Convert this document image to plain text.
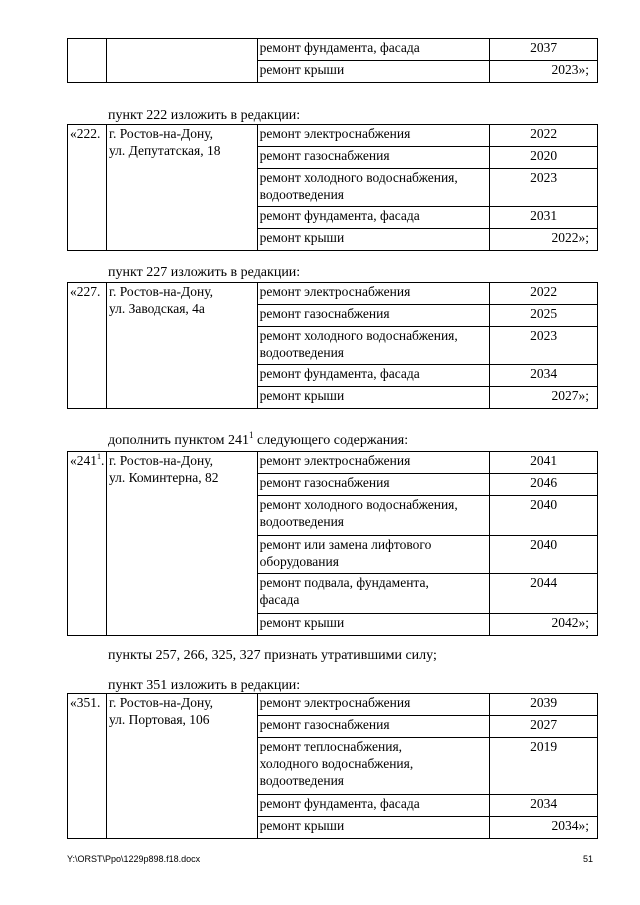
		ремонт фундамента, фасада	2037
		ремонт крыши	2023»;
пункт 222 изложить в редакции:
«222.	г. Ростов-на-Дону,
ул. Депутатская, 18	ремонт электроснабжения	2022
		ремонт газоснабжения	2020

		ремонт холодного водоснабжения,
водоотведения	2023
		ремонт фундамента, фасада	2031
		ремонт крыши	2022»;
пункт 227 изложить в редакции:
«227.	г. Ростов-на-Дону,
ул. Заводская, 4а	ремонт электроснабжения	2022
		ремонт газоснабжения	2025

		ремонт холодного водоснабжения,
водоотведения	2023
		ремонт фундамента, фасада	2034
		ремонт крыши	2027»;
дополнить пунктом $241^1$ следующего содержания:
«$241^1$.	г. Ростов-на-Дону,
ул. Коминтерна, 82	ремонт электроснабжения	2041
		ремонт газоснабжения	2046

		ремонт холодного водоснабжения,
водоотведения	2040

		ремонт или замена лифтового
оборудования	2040

		ремонт подвала, фундамента,
фасада	2044
		ремонт крыши	2042»;
пункты 257, 266, 325, 327 признать утратившими силу;
пункт 351 изложить в редакции:
«351.	г. Ростов-на-Дону,
ул. Портовая, 106	ремонт электроснабжения	2039
		ремонт газоснабжения	2027

		ремонт теплоснабжения,
холодного водоснабжения,
водоотведения	2019
		ремонт фундамента, фасада	2034
		ремонт крыши	2034»;
Y:\ORST\Ppo\1229p898.f18.docx	51
